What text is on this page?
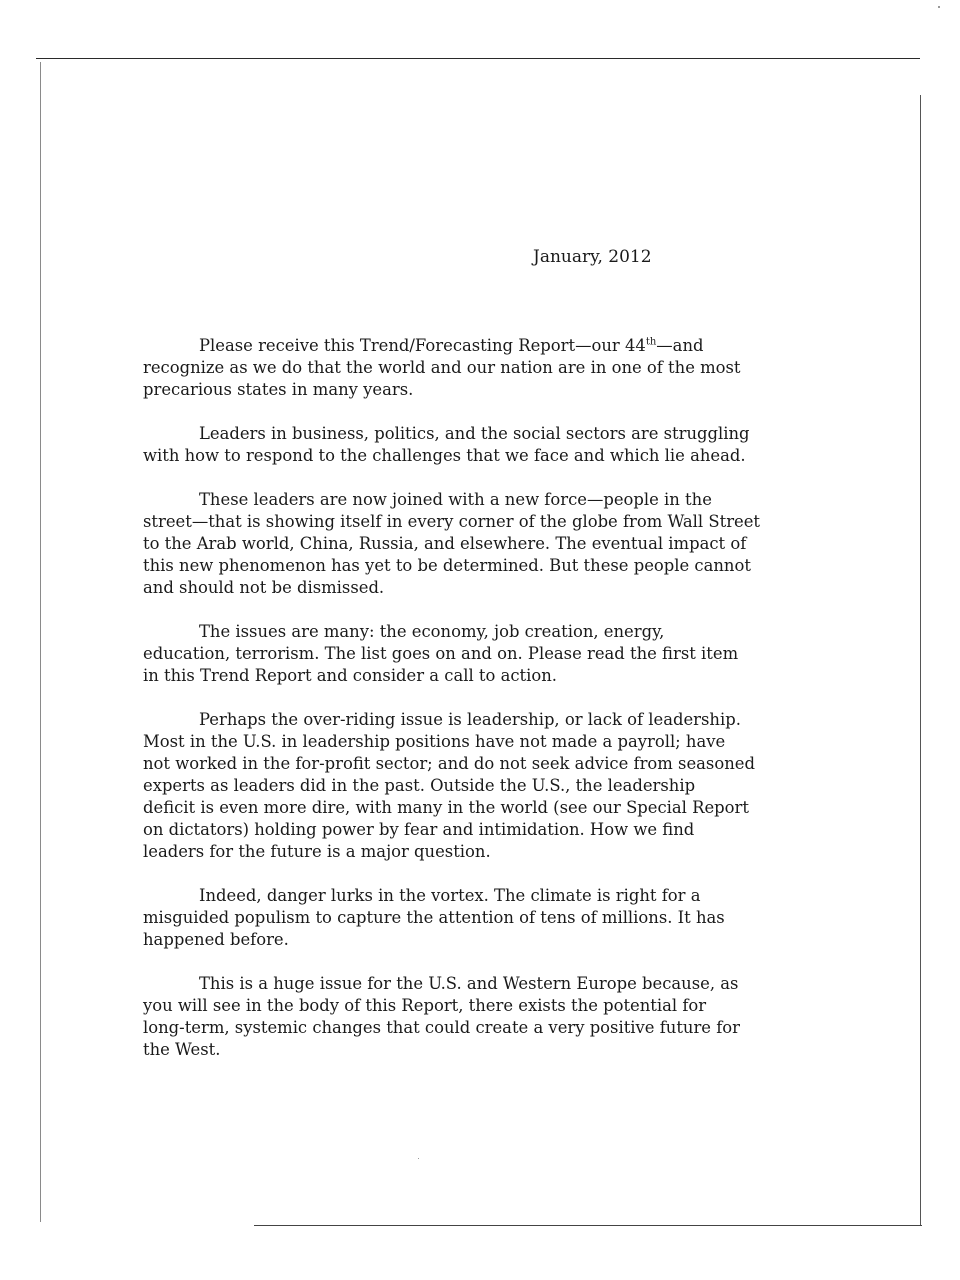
January, 2012

Please receive this Trend/Forecasting Report—our 44th—and
recognize as we do that the world and our nation are in one of the most
precarious states in many years.

Leaders in business, politics, and the social sectors are struggling
with how to respond to the challenges that we face and which lie ahead.

These leaders are now joined with a new force—people in the
street—that is showing itself in every corner of the globe from Wall Street
to the Arab world, China, Russia, and elsewhere. The eventual impact of
this new phenomenon has yet to be determined. But these people cannot
and should not be dismissed.

The issues are many: the economy, job creation, energy,
education, terrorism. The list goes on and on. Please read the first item
in this Trend Report and consider a call to action.

Perhaps the over-riding issue is leadership, or lack of leadership.
Most in the U.S. in leadership positions have not made a payroll; have
not worked in the for-profit sector; and do not seek advice from seasoned
experts as leaders did in the past. Outside the U.S., the leadership
deficit is even more dire, with many in the world (see our Special Report
on dictators) holding power by fear and intimidation. How we find
leaders for the future is a major question.

Indeed, danger lurks in the vortex. The climate is right for a
misguided populism to capture the attention of tens of millions. It has
happened before.

This is a huge issue for the U.S. and Western Europe because, as
you will see in the body of this Report, there exists the potential for
long-term, systemic changes that could create a very positive future for
the West.
